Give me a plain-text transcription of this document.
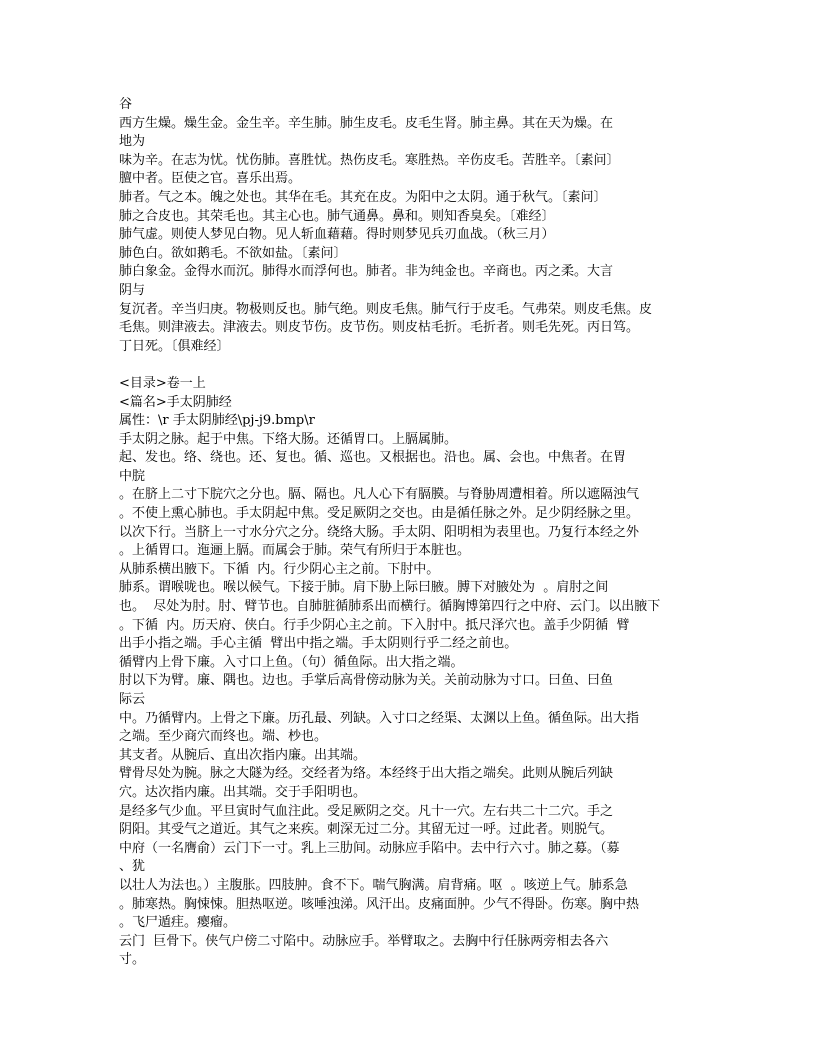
谷
西方生燥。燥生金。金生辛。辛生肺。肺生皮毛。皮毛生肾。肺主鼻。其在天为燥。在
地为
味为辛。在志为忧。忧伤肺。喜胜忧。热伤皮毛。寒胜热。辛伤皮毛。苦胜辛。〔素问〕
膻中者。臣使之官。喜乐出焉。
肺者。气之本。魄之处也。其华在毛。其充在皮。为阳中之太阴。通于秋气。〔素问〕
肺之合皮也。其荣毛也。其主心也。肺气通鼻。鼻和。则知香臭矣。〔难经〕
肺气虚。则使人梦见白物。见人斩血藉藉。得时则梦见兵刃血战。（秋三月）
肺色白。欲如鹅毛。不欲如盐。〔素问〕
肺白象金。金得水而沉。肺得水而浮何也。肺者。非为纯金也。辛商也。丙之柔。大言
阴与
复沉者。辛当归庚。物极则反也。肺气绝。则皮毛焦。肺气行于皮毛。气弗荣。则皮毛焦。皮
毛焦。则津液去。津液去。则皮节伤。皮节伤。则皮枯毛折。毛折者。则毛先死。丙日笃。
丁日死。〔俱难经〕
<目录>卷一上
<篇名>手太阴肺经
属性：\r 手太阴肺经\pj-j9.bmp\r
手太阴之脉。起于中焦。下络大肠。还循胃口。上膈属肺。
起、发也。络、绕也。还、复也。循、巡也。又根据也。沿也。属、会也。中焦者。在胃
中脘
。在脐上二寸下脘穴之分也。膈、隔也。凡人心下有膈膜。与脊胁周遭相着。所以遮隔浊气
。不使上熏心肺也。手太阴起中焦。受足厥阴之交也。由是循任脉之外。足少阴经脉之里。
以次下行。当脐上一寸水分穴之分。绕络大肠。手太阴、阳明相为表里也。乃复行本经之外
。上循胃口。迤逦上膈。而属会于肺。荣气有所归于本脏也。
从肺系横出腋下。下循  内。行少阴心主之前。下肘中。
肺系。谓喉咙也。喉以候气。下接于肺。肩下胁上际曰腋。膊下对腋处为  。肩肘之间
也。  尽处为肘。肘、臂节也。自肺脏循肺系出而横行。循胸博第四行之中府、云门。以出腋下
。下循  内。历天府、侠白。行手少阴心主之前。下入肘中。抵尺泽穴也。盖手少阴循  臂
出手小指之端。手心主循  臂出中指之端。手太阴则行乎二经之前也。
循臂内上骨下廉。入寸口上鱼。（句）循鱼际。出大指之端。
肘以下为臂。廉、隅也。边也。手掌后高骨傍动脉为关。关前动脉为寸口。曰鱼、曰鱼
际云
中。乃循臂内。上骨之下廉。历孔最、列缺。入寸口之经渠、太渊以上鱼。循鱼际。出大指
之端。至少商穴而终也。端、杪也。
其支者。从腕后、直出次指内廉。出其端。
臂骨尽处为腕。脉之大隧为经。交经者为络。本经终于出大指之端矣。此则从腕后列缺
穴。达次指内廉。出其端。交于手阳明也。
是经多气少血。平旦寅时气血注此。受足厥阴之交。凡十一穴。左右共二十二穴。手之
阴阳。其受气之道近。其气之来疾。刺深无过二分。其留无过一呼。过此者。则脱气。
中府（一名膺俞）云门下一寸。乳上三肋间。动脉应手陷中。去中行六寸。肺之募。（募
、犹
以壮人为法也。）主腹胀。四肢肿。食不下。喘气胸满。肩背痛。呕  。咳逆上气。肺系急
。肺寒热。胸悚悚。胆热呕逆。咳唾浊涕。风汗出。皮痛面肿。少气不得卧。伤寒。胸中热
。飞尸遁疰。瘿瘤。
云门  巨骨下。侠气户傍二寸陷中。动脉应手。举臂取之。去胸中行任脉两旁相去各六
寸。
